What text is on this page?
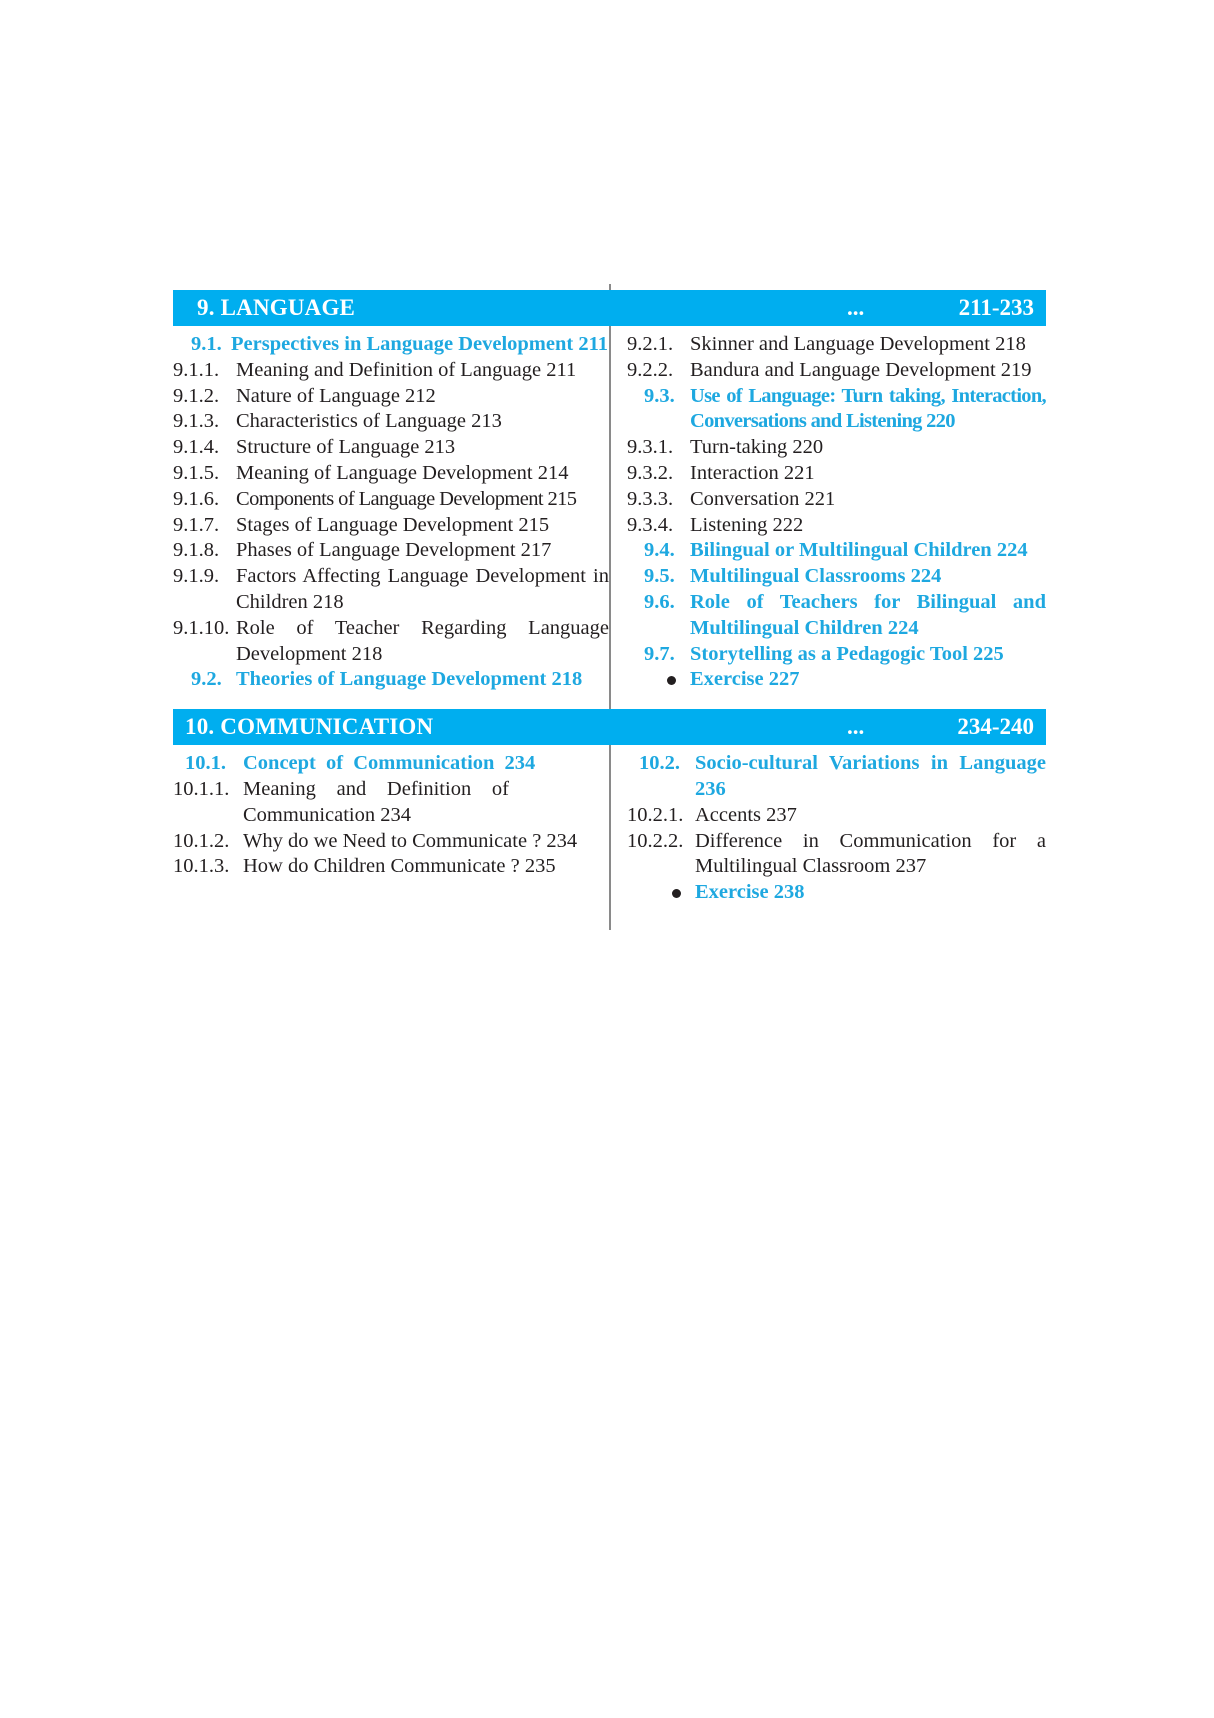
9. LANGUAGE	...	211-233
9.1. Perspectives in Language Development 211
9.1.1. Meaning and Definition of Language 211
9.1.2. Nature of Language 212
9.1.3. Characteristics of Language 213
9.1.4. Structure of Language 213
9.1.5. Meaning of Language Development 214
9.1.6. Components of Language Development 215
9.1.7. Stages of Language Development 215
9.1.8. Phases of Language Development 217
9.1.9. Factors Affecting Language Development in Children 218
9.1.10. Role of Teacher Regarding Language Development 218
9.2. Theories of Language Development 218
9.2.1. Skinner and Language Development 218
9.2.2. Bandura and Language Development 219
9.3. Use of Language: Turn taking, Interaction, Conversations and Listening 220
9.3.1. Turn-taking 220
9.3.2. Interaction 221
9.3.3. Conversation 221
9.3.4. Listening 222
9.4. Bilingual or Multilingual Children 224
9.5. Multilingual Classrooms 224
9.6. Role of Teachers for Bilingual and Multilingual Children 224
9.7. Storytelling as a Pedagogic Tool 225
Exercise 227
10. COMMUNICATION	...	234-240
10.1. Concept of Communication 234
10.1.1. Meaning and Definition of Communication 234
10.1.2. Why do we Need to Communicate ? 234
10.1.3. How do Children Communicate ? 235
10.2. Socio-cultural Variations in Language 236
10.2.1. Accents 237
10.2.2. Difference in Communication for a Multilingual Classroom 237
Exercise 238
